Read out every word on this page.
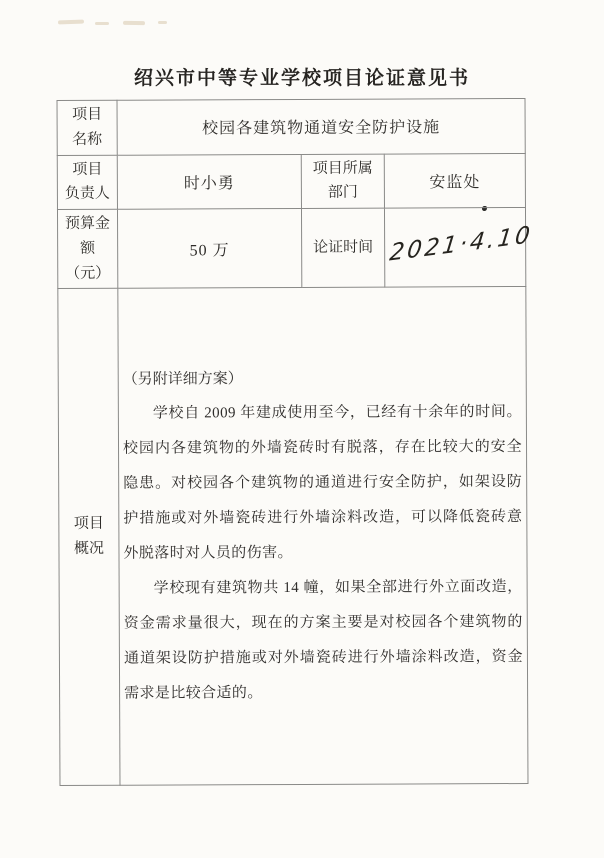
绍兴市中等专业学校项目论证意见书
项目
名称	校园各建筑物通道安全防护设施		
项目
负责人	时小勇	项目所属部门	安监处
预算金
额（元）	50 万	论证时间	2021·4.10
项目
概况	
（另附详细方案）

学校自 2009 年建成使用至今，已经有十余年的时间。校园内各建筑物的外墙瓷砖时有脱落，存在比较大的安全隐患。对校园各个建筑物的通道进行安全防护，如架设防护措施或对外墙瓷砖进行外墙涂料改造，可以降低瓷砖意外脱落时对人员的伤害。

学校现有建筑物共 14 幢，如果全部进行外立面改造，资金需求量很大，现在的方案主要是对校园各个建筑物的通道架设防护措施或对外墙瓷砖进行外墙涂料改造，资金需求是比较合适的。
